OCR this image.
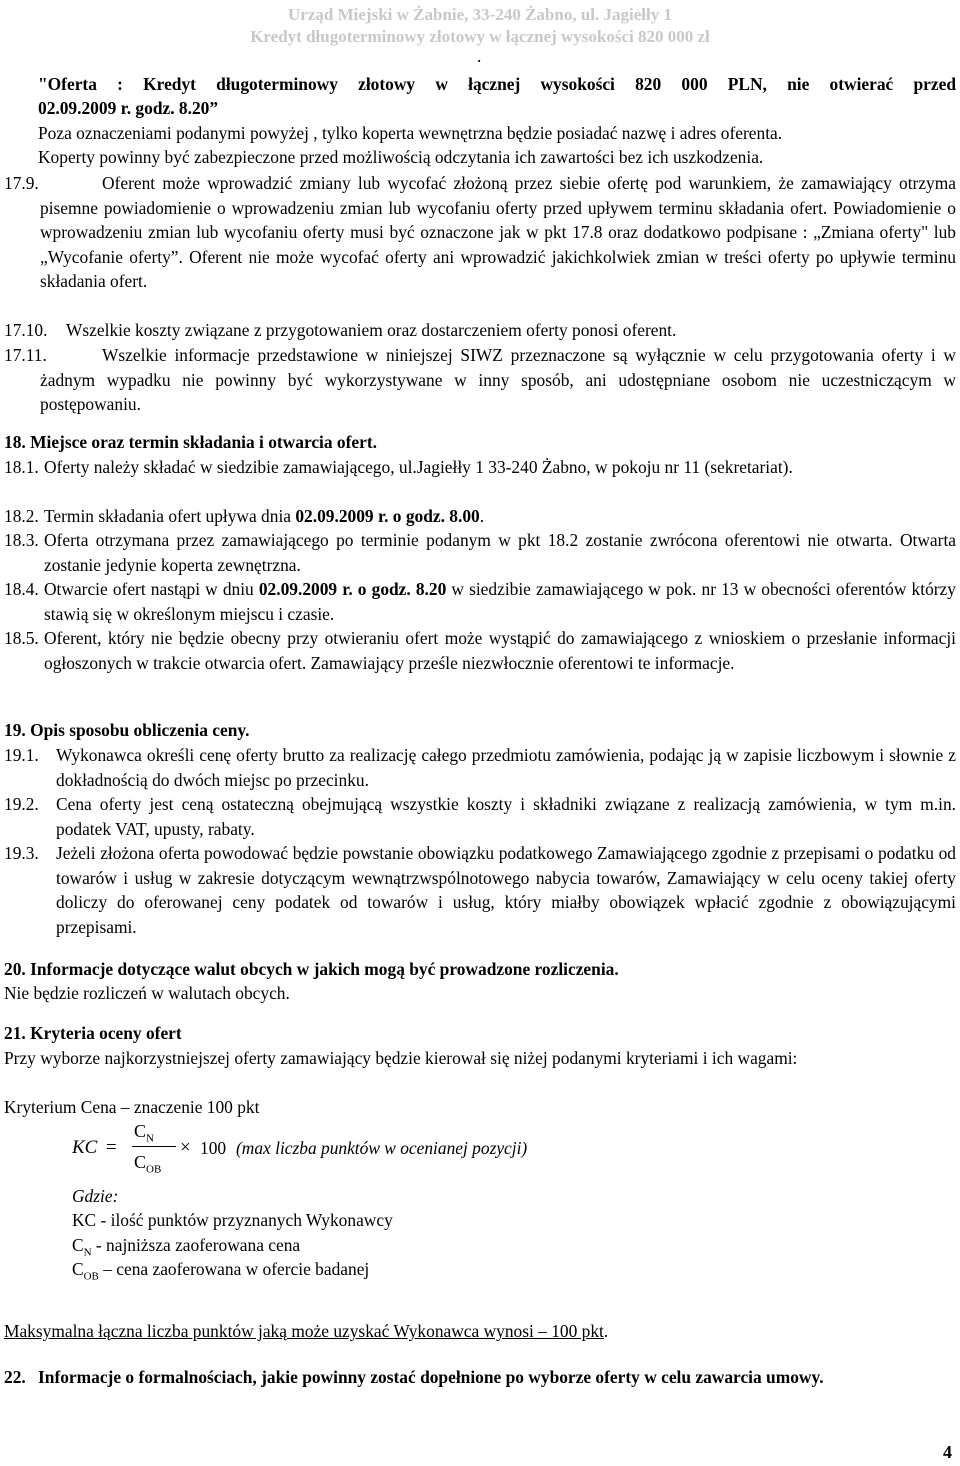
Urząd Miejski w Żabnie, 33-240 Żabno, ul. Jagiełły 1
Kredyt długoterminowy złotowy w łącznej wysokości 820 000 zł
.
"Oferta : Kredyt długoterminowy złotowy w łącznej wysokości 820 000 PLN, nie otwierać przed
02.09.2009 r. godz. 8.20”
Poza oznaczeniami podanymi powyżej , tylko koperta wewnętrzna będzie posiadać nazwę i adres oferenta.
Koperty powinny być zabezpieczone przed możliwością odczytania ich zawartości bez ich uszkodzenia.
17.9.	Oferent może wprowadzić zmiany lub wycofać złożoną przez siebie ofertę pod warunkiem, że zamawiający otrzyma pisemne powiadomienie o wprowadzeniu zmian lub wycofaniu oferty przed upływem terminu składania ofert. Powiadomienie o wprowadzeniu zmian lub wycofaniu oferty musi być oznaczone jak w pkt 17.8 oraz dodatkowo podpisane : „Zmiana oferty" lub „Wycofanie oferty”. Oferent nie może wycofać oferty ani wprowadzić jakichkolwiek zmian w treści oferty po upływie terminu składania ofert.
17.10. Wszelkie koszty związane z przygotowaniem oraz dostarczeniem oferty ponosi oferent.
17.11.	Wszelkie informacje przedstawione w niniejszej SIWZ przeznaczone są wyłącznie w celu przygotowania oferty i w żadnym wypadku nie powinny być wykorzystywane w inny sposób, ani udostępniane osobom nie uczestniczącym w postępowaniu.
18. Miejsce oraz termin składania i otwarcia ofert.
18.1. Oferty należy składać w siedzibie zamawiającego, ul.Jagiełły 1 33-240 Żabno, w pokoju nr 11 (sekretariat).
18.2. Termin składania ofert upływa dnia 02.09.2009 r. o godz. 8.00.
18.3. Oferta otrzymana przez zamawiającego po terminie podanym w pkt 18.2 zostanie zwrócona oferentowi nie otwarta. Otwarta zostanie jedynie koperta zewnętrzna.
18.4. Otwarcie ofert nastąpi w dniu 02.09.2009 r. o godz. 8.20 w siedzibie zamawiającego w pok. nr 13 w obecności oferentów którzy stawią się w określonym miejscu i czasie.
18.5. Oferent, który nie będzie obecny przy otwieraniu ofert może wystąpić do zamawiającego z wnioskiem o przesłanie informacji ogłoszonych w trakcie otwarcia ofert. Zamawiający prześle niezwłocznie oferentowi te informacje.
19. Opis sposobu obliczenia ceny.
19.1. Wykonawca określi cenę oferty brutto za realizację całego przedmiotu zamówienia, podając ją w zapisie liczbowym i słownie z dokładnością do dwóch miejsc po przecinku.
19.2. Cena oferty jest ceną ostateczną obejmującą wszystkie koszty i składniki związane z realizacją zamówienia, w tym m.in. podatek VAT, upusty, rabaty.
19.3. Jeżeli złożona oferta powodować będzie powstanie obowiązku podatkowego Zamawiającego zgodnie z przepisami o podatku od towarów i usług w zakresie dotyczącym wewnątrzwspólnotowego nabycia towarów, Zamawiający w celu oceny takiej oferty doliczy do oferowanej ceny podatek od towarów i usług, który miałby obowiązek wpłacić zgodnie z obowiązującymi przepisami.
20. Informacje dotyczące walut obcych w jakich mogą być prowadzone rozliczenia.
Nie będzie rozliczeń w walutach obcych.
21. Kryteria oceny ofert
Przy wyborze najkorzystniejszej oferty zamawiający będzie kierował się niżej podanymi kryteriami i ich wagami:
Kryterium Cena – znaczenie 100 pkt
KC =
$C_N$
$C_{OB}$
× 100 (max liczba punktów w ocenianej pozycji)
Gdzie:
KC - ilość punktów przyznanych Wykonawcy
$C_N$ - najniższa zaoferowana cena
$C_{OB}$ – cena zaoferowana w ofercie badanej
Maksymalna łączna liczba punktów jaką może uzyskać Wykonawca wynosi – 100 pkt.
22. Informacje o formalnościach, jakie powinny zostać dopełnione po wyborze oferty w celu zawarcia umowy.
4
